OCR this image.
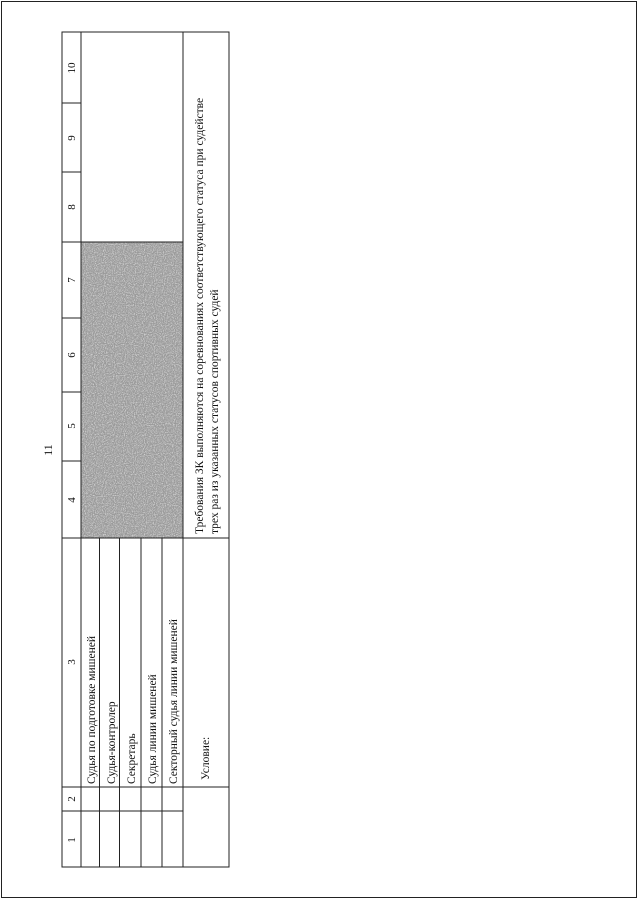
11
1
2
3
4
5
6
7
8
9
10
Судья по подготовке мишеней Судья-контролер Секретарь Судья линии мишеней Секторный судья линии мишеней Условие:
Требования ЗК выполняются на соревнованиях соответствующего статуса при судействе трех раз из указанных статусов спортивных судей
